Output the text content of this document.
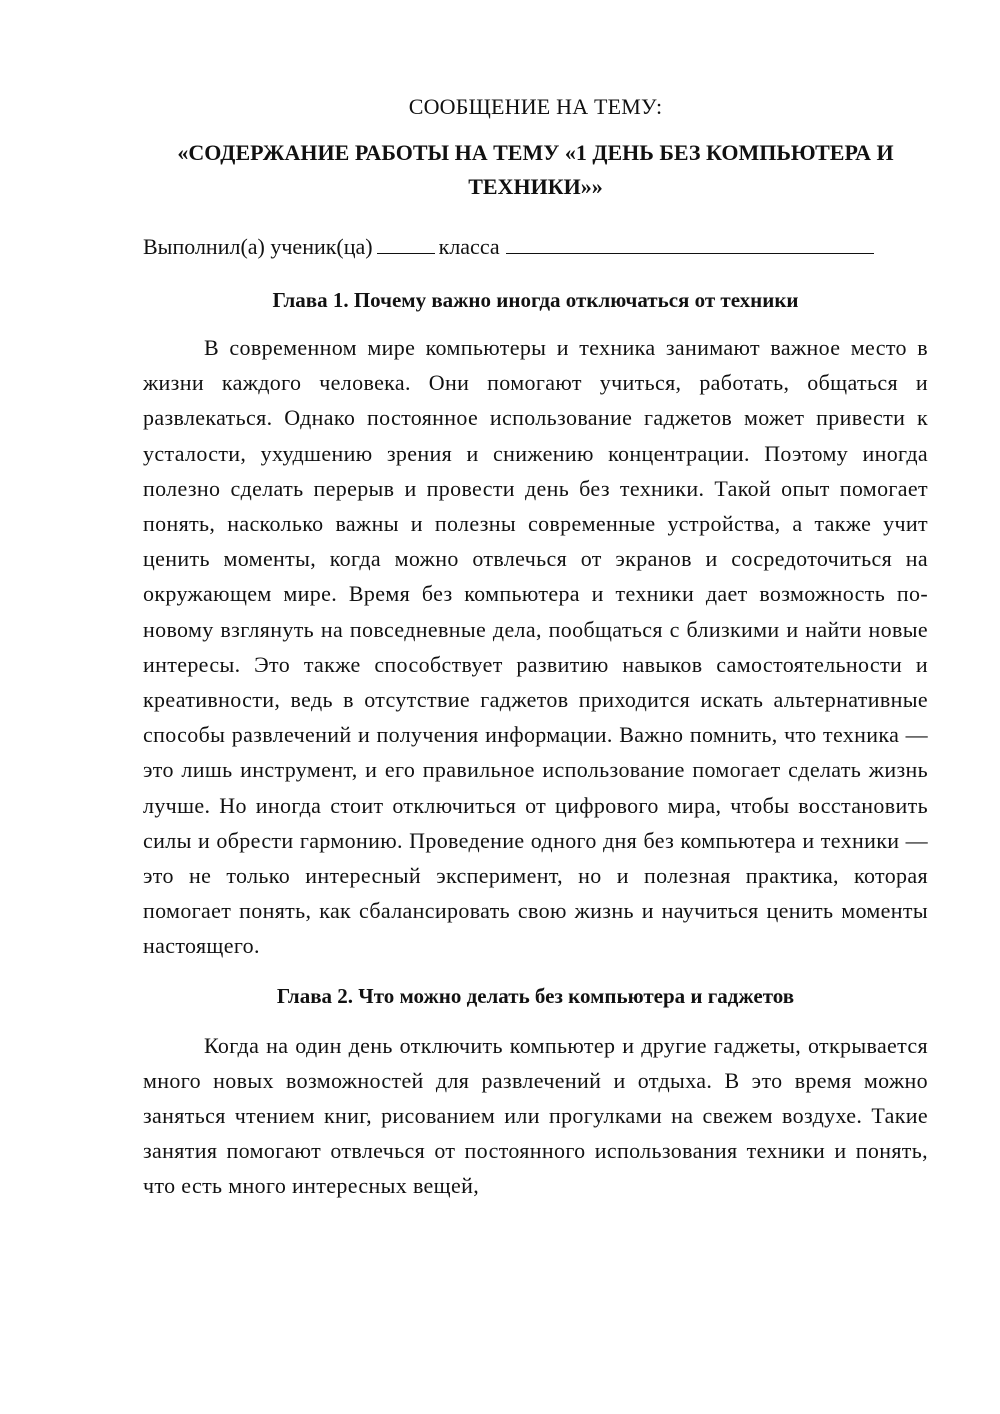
СООБЩЕНИЕ НА ТЕМУ:

«СОДЕРЖАНИЕ РАБОТЫ НА ТЕМУ «1 ДЕНЬ БЕЗ КОМПЬЮТЕРА И ТЕХНИКИ»»

Выполнил(а) ученик(ца)	класса

Глава 1. Почему важно иногда отключаться от техники

В современном мире компьютеры и техника занимают важное место в жизни каждого человека. Они помогают учиться, работать, общаться и развлекаться. Однако постоянное использование гаджетов может привести к усталости, ухудшению зрения и снижению концентрации. Поэтому иногда полезно сделать перерыв и провести день без техники. Такой опыт помогает понять, насколько важны и полезны современные устройства, а также учит ценить моменты, когда можно отвлечься от экранов и сосредоточиться на окружающем мире. Время без компьютера и техники дает возможность по-новому взглянуть на повседневные дела, пообщаться с близкими и найти новые интересы. Это также способствует развитию навыков самостоятельности и креативности, ведь в отсутствие гаджетов приходится искать альтернативные способы развлечений и получения информации. Важно помнить, что техника — это лишь инструмент, и его правильное использование помогает сделать жизнь лучше. Но иногда стоит отключиться от цифрового мира, чтобы восстановить силы и обрести гармонию. Проведение одного дня без компьютера и техники — это не только интересный эксперимент, но и полезная практика, которая помогает понять, как сбалансировать свою жизнь и научиться ценить моменты настоящего.

Глава 2. Что можно делать без компьютера и гаджетов

Когда на один день отключить компьютер и другие гаджеты, открывается много новых возможностей для развлечений и отдыха. В это время можно заняться чтением книг, рисованием или прогулками на свежем воздухе. Такие занятия помогают отвлечься от постоянного использования техники и понять, что есть много интересных вещей,
